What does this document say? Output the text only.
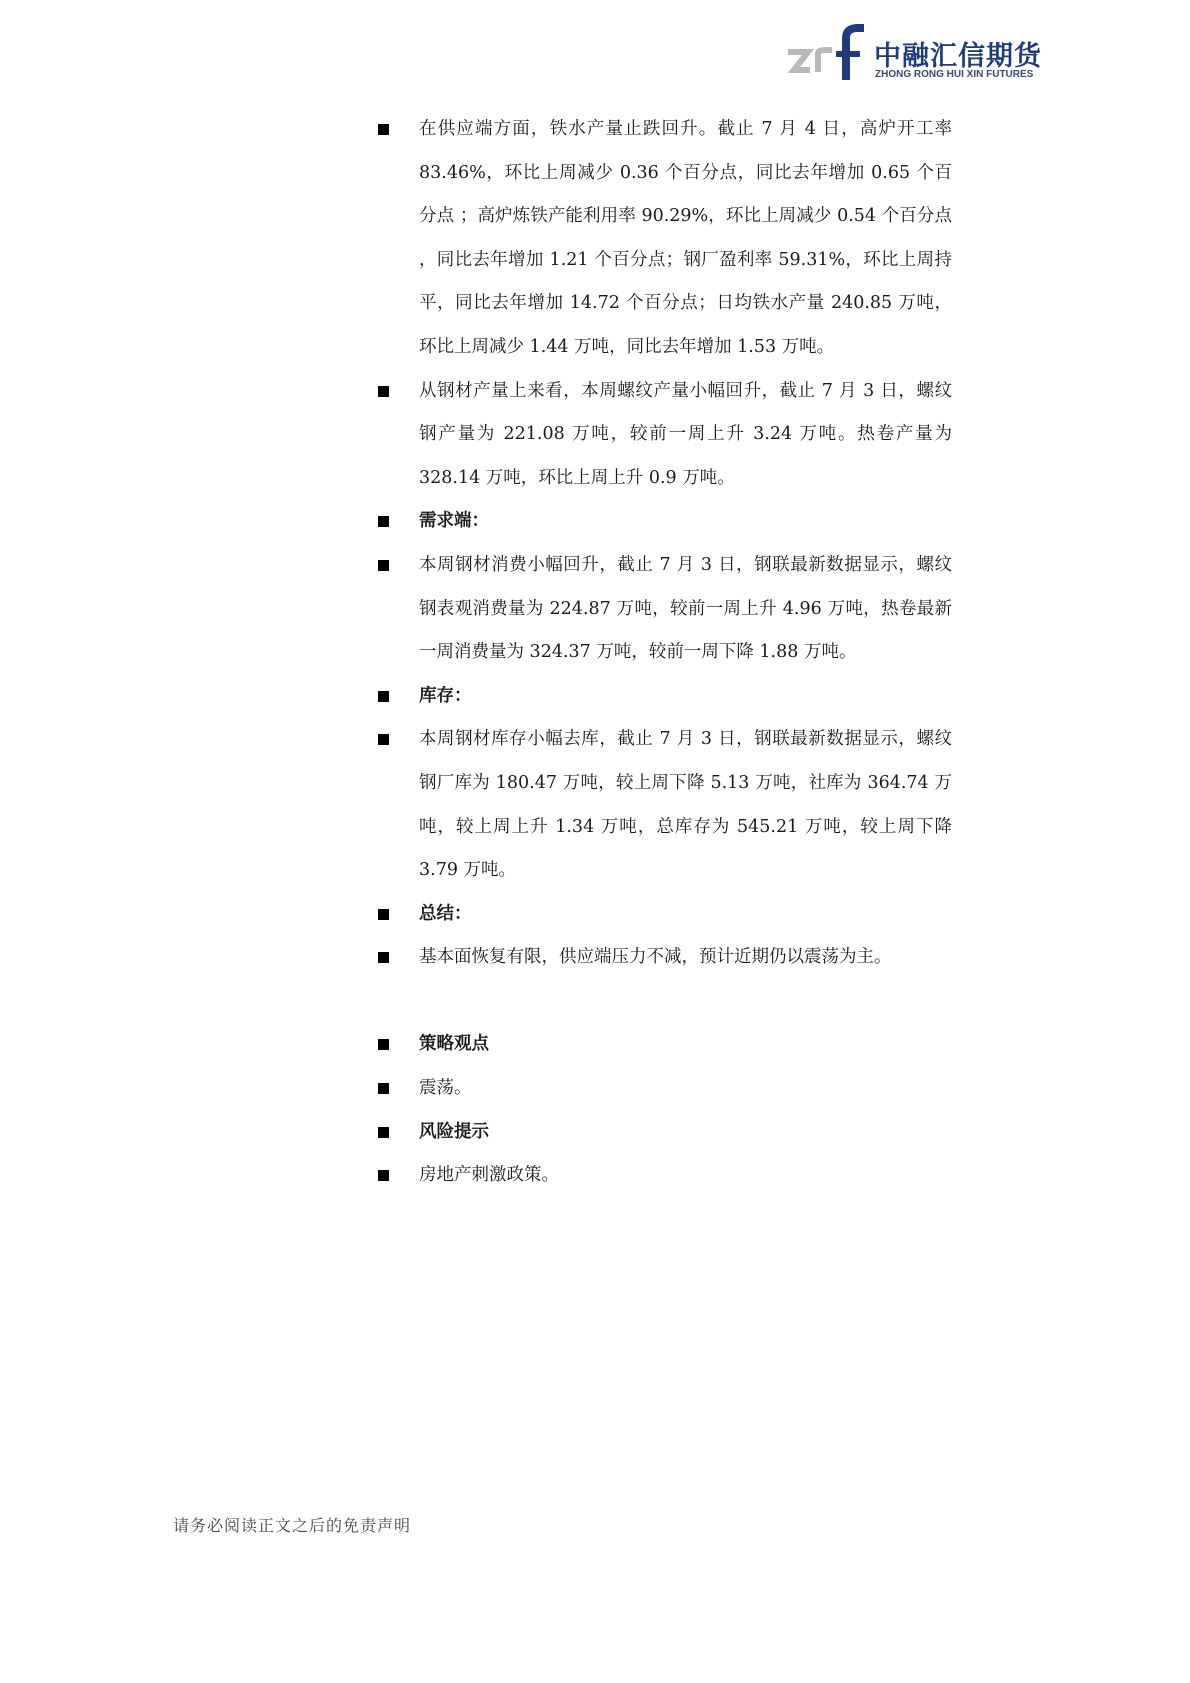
中融汇信期货
ZHONG RONG HUI XIN FUTURES
在供应端方面，铁水产量止跌回升。截止 7 月 4 日，高炉开工率 83.46%，环比上周减少 0.36 个百分点，同比去年增加 0.65 个百分点 ；高炉炼铁产能利用率 90.29%，环比上周减少 0.54 个百分点 ，同比去年增加 1.21 个百分点；钢厂盈利率 59.31%，环比上周持平，同比去年增加 14.72 个百分点；日均铁水产量 240.85 万吨，环比上周减少 1.44 万吨，同比去年增加 1.53 万吨。
从钢材产量上来看，本周螺纹产量小幅回升，截止 7 月 3 日，螺纹钢产量为 221.08 万吨，较前一周上升 3.24 万吨。热卷产量为 328.14 万吨，环比上周上升 0.9 万吨。
需求端：
本周钢材消费小幅回升，截止 7 月 3 日，钢联最新数据显示，螺纹钢表观消费量为 224.87 万吨，较前一周上升 4.96 万吨，热卷最新一周消费量为 324.37 万吨，较前一周下降 1.88 万吨。
库存：
本周钢材库存小幅去库，截止 7 月 3 日，钢联最新数据显示，螺纹钢厂库为 180.47 万吨，较上周下降 5.13 万吨，社库为 364.74 万吨，较上周上升 1.34 万吨，总库存为 545.21 万吨，较上周下降 3.79 万吨。
总结：
基本面恢复有限，供应端压力不减，预计近期仍以震荡为主。
策略观点
震荡。
风险提示
房地产刺激政策。
请务必阅读正文之后的免责声明
